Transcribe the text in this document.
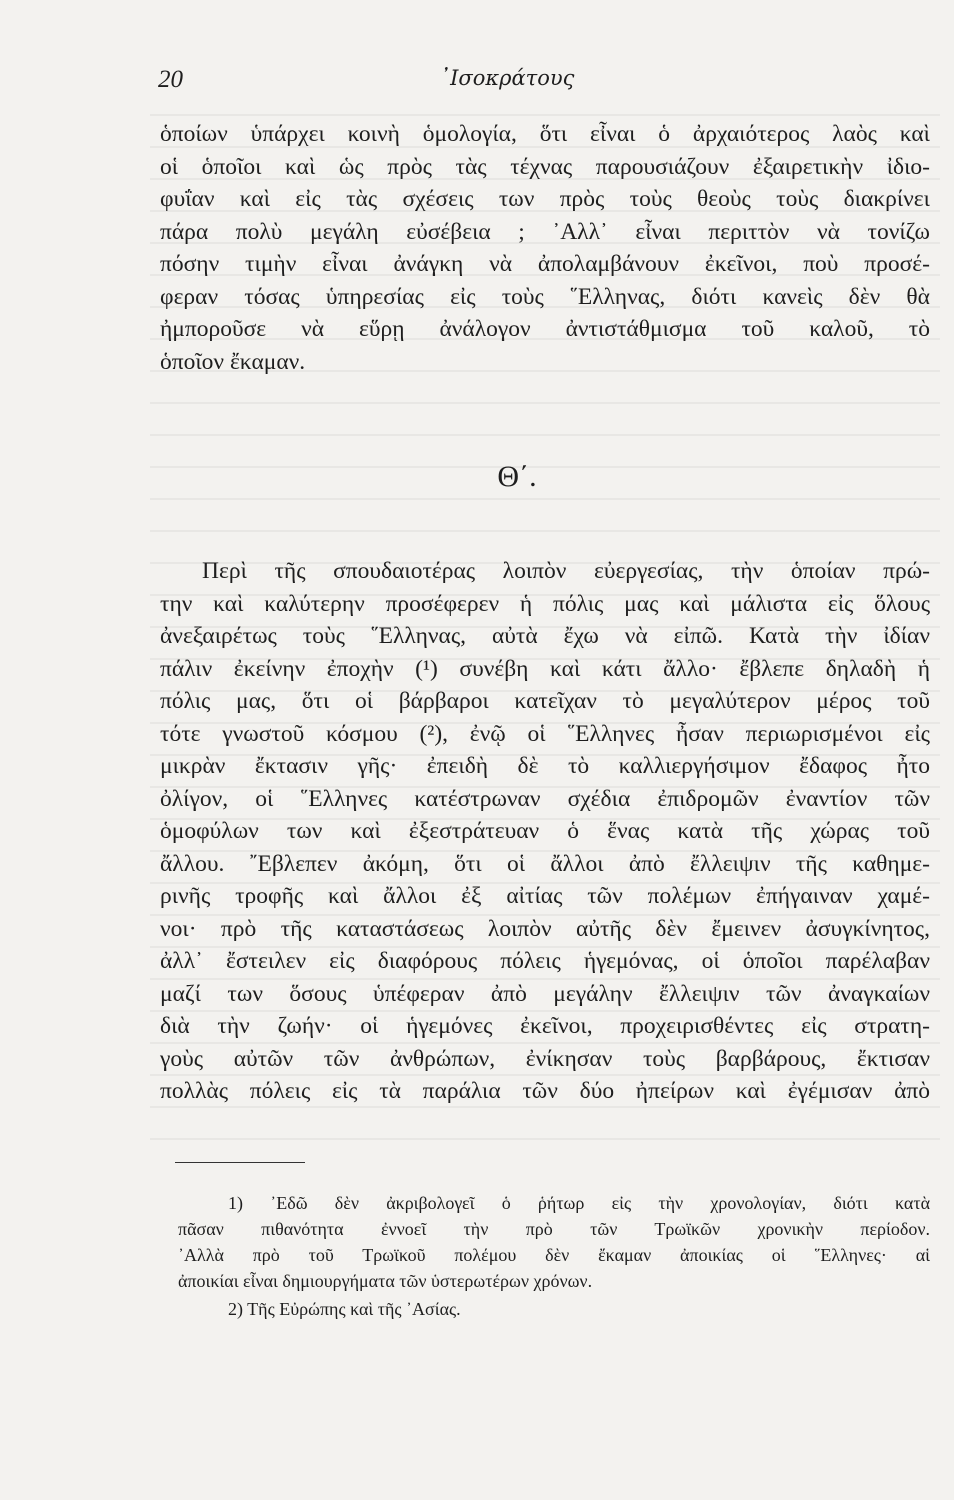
20	᾿Ισοκράτους
ὁποίων ὑπάρχει κοινὴ ὁμολογία, ὅτι εἶναι ὁ ἀρχαιότερος λαὸς καὶ
οἱ ὁποῖοι καὶ ὡς πρὸς τὰς τέχνας παρουσιάζουν ἐξαιρετικὴν ἰδιο-
φυΐαν καὶ εἰς τὰς σχέσεις των πρὸς τοὺς θεοὺς τοὺς διακρίνει
πάρα πολὺ μεγάλη εὐσέβεια ; ᾿Αλλ᾿ εἶναι περιττὸν νὰ τονίζω
πόσην τιμὴν εἶναι ἀνάγκη νὰ ἀπολαμβάνουν ἐκεῖνοι, ποὺ προσέ-
φεραν τόσας ὑπηρεσίας εἰς τοὺς ῞Ελληνας, διότι κανεὶς δὲν θὰ
ἠμποροῦσε νὰ εὕρῃ ἀνάλογον ἀντιστάθμισμα τοῦ καλοῦ, τὸ
ὁποῖον ἔκαμαν.
Θ΄.
Περὶ τῆς σπουδαιοτέρας λοιπὸν εὐεργεσίας, τὴν ὁποίαν πρώ-
την καὶ καλύτερην προσέφερεν ἡ πόλις μας καὶ μάλιστα εἰς ὅλους
ἀνεξαιρέτως τοὺς ῞Ελληνας, αὐτὰ ἔχω νὰ εἰπῶ. Κατὰ τὴν ἰδίαν
πάλιν ἐκείνην ἐποχὴν (¹) συνέβη καὶ κάτι ἄλλο· ἔβλεπε δηλαδὴ ἡ
πόλις μας, ὅτι οἱ βάρβαροι κατεῖχαν τὸ μεγαλύτερον μέρος τοῦ
τότε γνωστοῦ κόσμου (²), ἐνῷ οἱ ῞Ελληνες ἦσαν περιωρισμένοι εἰς
μικρὰν ἔκτασιν γῆς· ἐπειδὴ δὲ τὸ καλλιεργήσιμον ἔδαφος ἦτο
ὀλίγον, οἱ ῞Ελληνες κατέστρωναν σχέδια ἐπιδρομῶν ἐναντίον τῶν
ὁμοφύλων των καὶ ἐξεστράτευαν ὁ ἕνας κατὰ τῆς χώρας τοῦ
ἄλλου. ῎Εβλεπεν ἀκόμη, ὅτι οἱ ἄλλοι ἀπὸ ἔλλειψιν τῆς καθημε-
ρινῆς τροφῆς καὶ ἄλλοι ἐξ αἰτίας τῶν πολέμων ἐπήγαιναν χαμέ-
νοι· πρὸ τῆς καταστάσεως λοιπὸν αὐτῆς δὲν ἔμεινεν ἀσυγκίνητος,
ἀλλ᾿ ἔστειλεν εἰς διαφόρους πόλεις ἡγεμόνας, οἱ ὁποῖοι παρέλαβαν
μαζί των ὅσους ὑπέφεραν ἀπὸ μεγάλην ἔλλειψιν τῶν ἀναγκαίων
διὰ τὴν ζωήν· οἱ ἡγεμόνες ἐκεῖνοι, προχειρισθέντες εἰς στρατη-
γοὺς αὐτῶν τῶν ἀνθρώπων, ἐνίκησαν τοὺς βαρβάρους, ἔκτισαν
πολλὰς πόλεις εἰς τὰ παράλια τῶν δύο ἠπείρων καὶ ἐγέμισαν ἀπὸ
1) ᾿Εδῶ δὲν ἀκριβολογεῖ ὁ ῥήτωρ εἰς τὴν χρονολογίαν, διότι κατὰ
πᾶσαν πιθανότητα ἐννοεῖ τὴν πρὸ τῶν Τρωϊκῶν χρονικὴν περίοδον.
᾿Αλλὰ πρὸ τοῦ Τρωϊκοῦ πολέμου δὲν ἔκαμαν ἀποικίας οἱ ῞Ελληνες· αἱ
ἀποικίαι εἶναι δημιουργήματα τῶν ὑστερωτέρων χρόνων.
2) Τῆς Εὐρώπης καὶ τῆς ᾿Ασίας.
